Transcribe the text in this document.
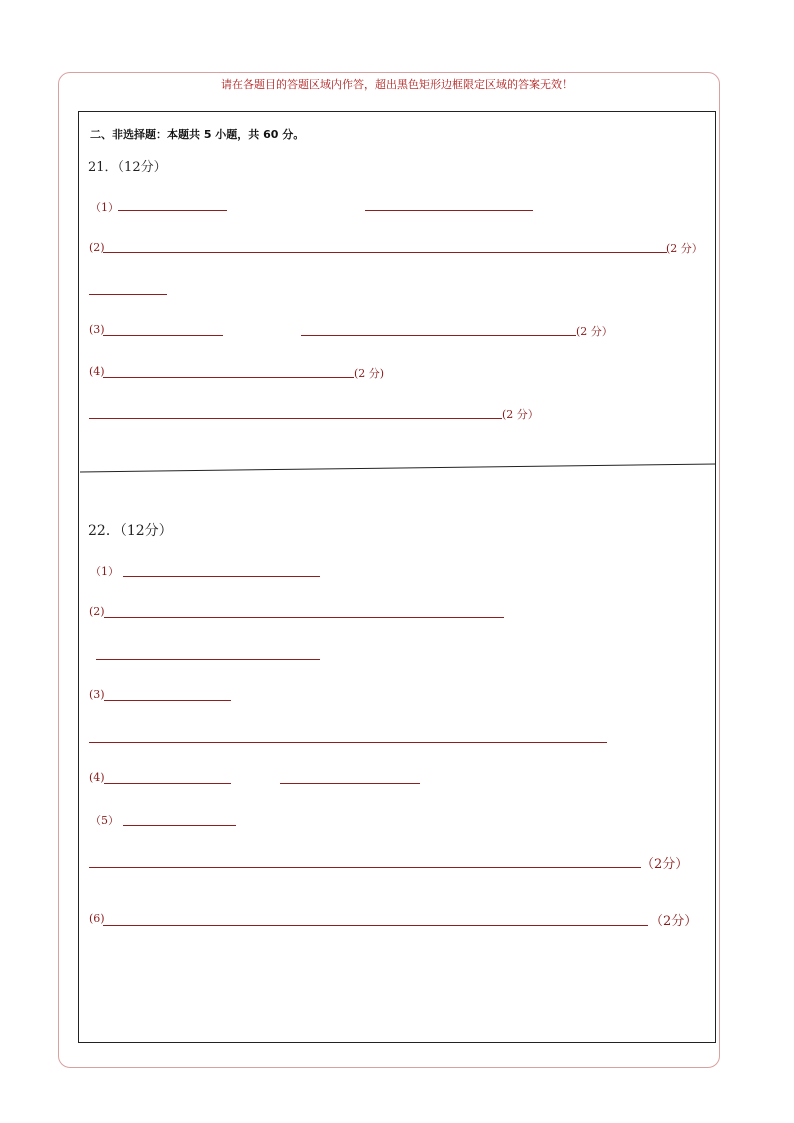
请在各题目的答题区域内作答，超出黑色矩形边框限定区域的答案无效！
二、非选择题：本题共 5 小题，共 60 分。
21．（12分）
（1）
(2)	(2 分）
(3)	(2 分）
(4)	(2 分)
(2 分）
22．（12分）
（1）
(2)
(3)
(4)
（5）
（2分）
(6)	（2分）
